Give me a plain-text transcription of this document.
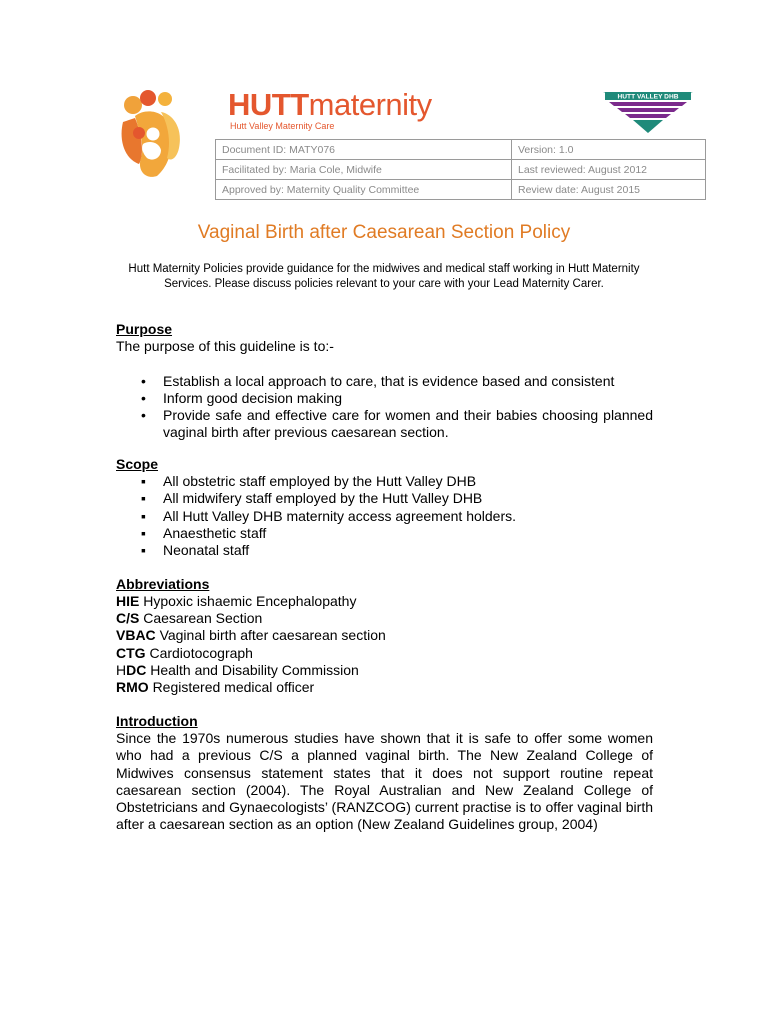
HUTTmaternity
Hutt Valley Maternity Care
HUTT VALLEY DHB
Document ID: MATY076	Version: 1.0
Facilitated by: Maria Cole, Midwife	Last reviewed: August 2012
Approved by: Maternity Quality Committee	Review date: August 2015
Vaginal Birth after Caesarean Section Policy
Hutt Maternity Policies provide guidance for the midwives and medical staff working in Hutt Maternity Services. Please discuss policies relevant to your care with your Lead Maternity Carer.
Purpose

The purpose of this guideline is to:-

• Establish a local approach to care, that is evidence based and consistent
• Inform good decision making
• Provide safe and effective care for women and their babies choosing planned vaginal birth after previous caesarean section.
Scope
▪ All obstetric staff employed by the Hutt Valley DHB
▪ All midwifery staff employed by the Hutt Valley DHB
▪ All Hutt Valley DHB maternity access agreement holders.
▪ Anaesthetic staff
▪ Neonatal staff
Abbreviations
HIE Hypoxic ishaemic Encephalopathy
C/S Caesarean Section
VBAC Vaginal birth after caesarean section
CTG Cardiotocograph
HDC Health and Disability Commission
RMO Registered medical officer
Introduction

Since the 1970s numerous studies have shown that it is safe to offer some women who had a previous C/S a planned vaginal birth. The New Zealand College of Midwives consensus statement states that it does not support routine repeat caesarean section (2004). The Royal Australian and New Zealand College of Obstetricians and Gynaecologists’ (RANZCOG) current practise is to offer vaginal birth after a caesarean section as an option (New Zealand Guidelines group, 2004)
